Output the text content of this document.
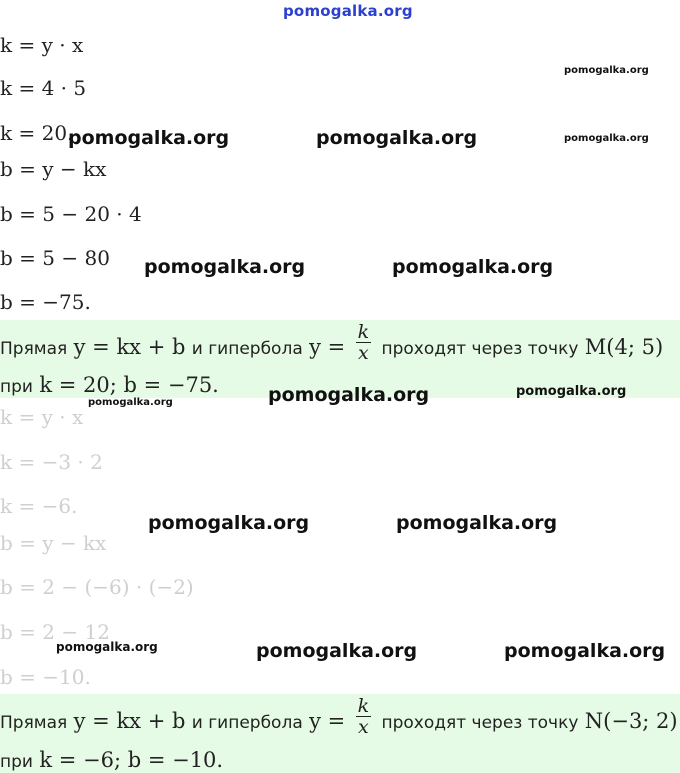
pomogalka.org
k = y · x
k = 4 · 5
k = 20.
b = y − kx
b = 5 − 20 · 4
b = 5 − 80
b = −75.
Прямая y = kx + b и гипербола $y = \frac{k}{x}$ проходят через точку M(4; 5)
при k = 20; b = −75.
k = y · x
k = −3 · 2
k = −6.
b = y − kx
b = 2 − (−6) · (−2)
b = 2 − 12
b = −10.
Прямая y = kx + b и гипербола $y = \frac{k}{x}$ проходят через точку N(−3; 2)
при k = −6; b = −10.
pomogalka.org
pomogalka.org	pomogalka.org	pomogalka.org
pomogalka.org	pomogalka.org
pomogalka.org	pomogalka.org
pomogalka.org
pomogalka.org	pomogalka.org
pomogalka.org	pomogalka.org	pomogalka.org
